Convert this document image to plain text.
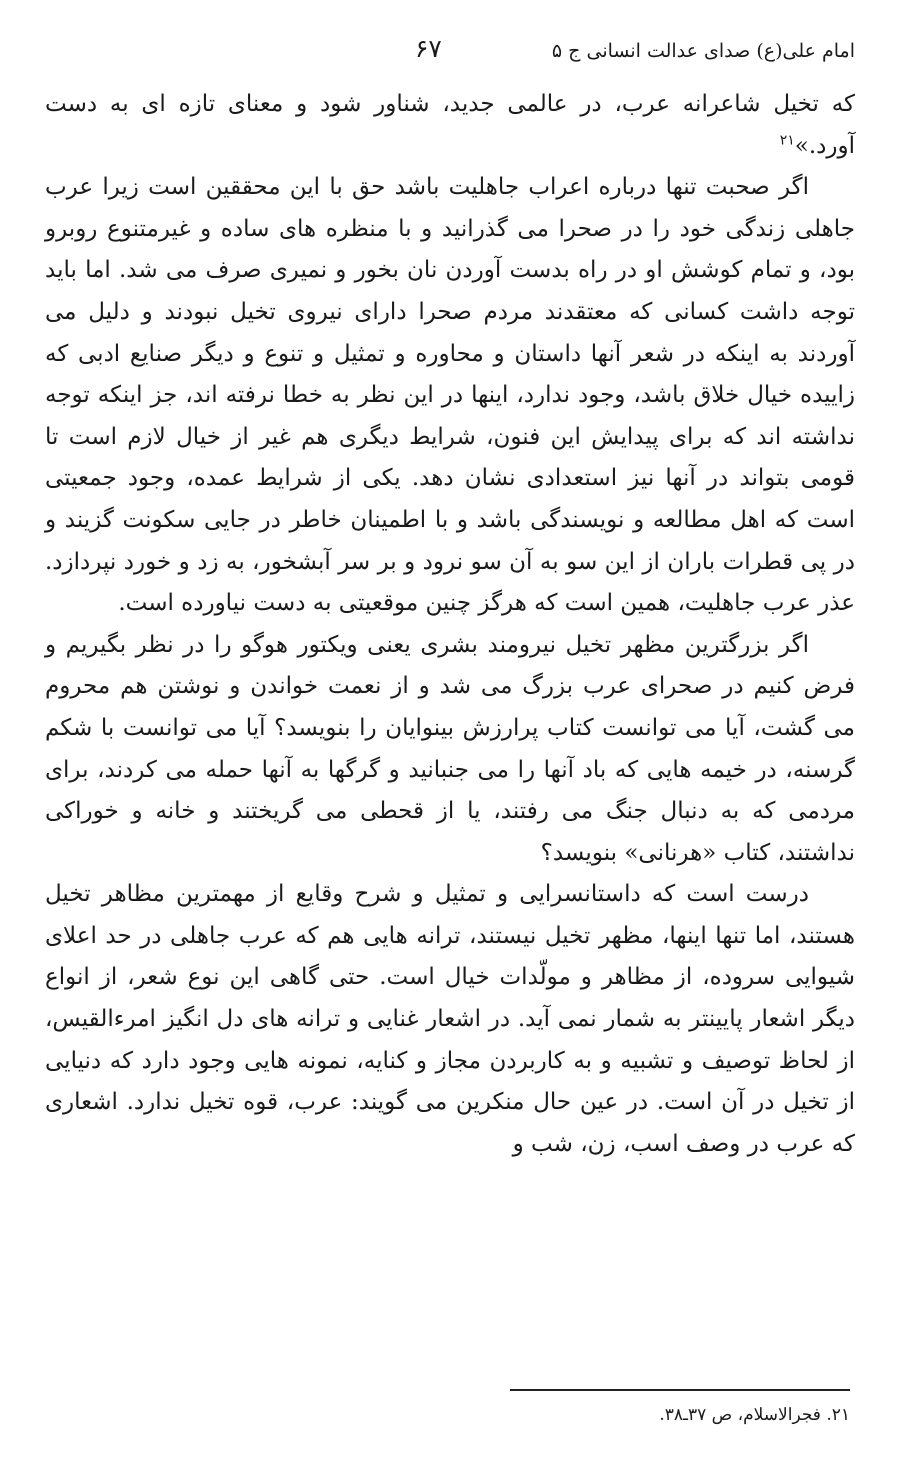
امام علی(ع) صدای عدالت انسانی ج ۵
۶۷

که تخیل شاعرانه عرب، در عالمی جدید، شناور شود و معنای تازه ای به دست آورد.»$^{۲۱}$

اگر صحبت تنها درباره اعراب جاهلیت باشد حق با این محققین است زیرا عرب جاهلی زندگی خود را در صحرا می گذرانید و با منظره های ساده و غیرمتنوع روبرو بود، و تمام کوشش او در راه بدست آوردن نان بخور و نمیری صرف می شد. اما باید توجه داشت کسانی که معتقدند مردم صحرا دارای نیروی تخیل نبودند و دلیل می آوردند به اینکه در شعر آنها داستان و محاوره و تمثیل و تنوع و دیگر صنایع ادبی که زاییده خیال خلاق باشد، وجود ندارد، اینها در این نظر به خطا نرفته اند، جز اینکه توجه نداشته اند که برای پیدایش این فنون، شرایط دیگری هم غیر از خیال لازم است تا قومی بتواند در آنها نیز استعدادی نشان دهد. یکی از شرایط عمده، وجود جمعیتی است که اهل مطالعه و نویسندگی باشد و با اطمینان خاطر در جایی سکونت گزیند و در پی قطرات باران از این سو به آن سو نرود و بر سر آبشخور، به زد و خورد نپردازد. عذر عرب جاهلیت، همین است که هرگز چنین موقعیتی به دست نیاورده است.

اگر بزرگترین مظهر تخیل نیرومند بشری یعنی ویکتور هوگو را در نظر بگیریم و فرض کنیم در صحرای عرب بزرگ می شد و از نعمت خواندن و نوشتن هم محروم می گشت، آیا می توانست کتاب پرارزش بینوایان را بنویسد؟ آیا می توانست با شکم گرسنه، در خیمه هایی که باد آنها را می جنبانید و گرگها به آنها حمله می کردند، برای مردمی که به دنبال جنگ می رفتند، یا از قحطی می گریختند و خانه و خوراکی نداشتند، کتاب «هرنانی» بنویسد؟

درست است که داستانسرایی و تمثیل و شرح وقایع از مهمترین مظاهر تخیل هستند، اما تنها اینها، مظهر تخیل نیستند، ترانه هایی هم که عرب جاهلی در حد اعلای شیوایی سروده، از مظاهر و مولّدات خیال است. حتی گاهی این نوع شعر، از انواع دیگر اشعار پایینتر به شمار نمی آید. در اشعار غنایی و ترانه های دل انگیز امرءالقیس، از لحاظ توصیف و تشبیه و به کاربردن مجاز و کنایه، نمونه هایی وجود دارد که دنیایی از تخیل در آن است. در عین حال منکرین می گویند: عرب، قوه تخیل ندارد. اشعاری که عرب در وصف اسب، زن، شب و

۲۱. فجرالاسلام، ص ۳۷ـ۳۸.
